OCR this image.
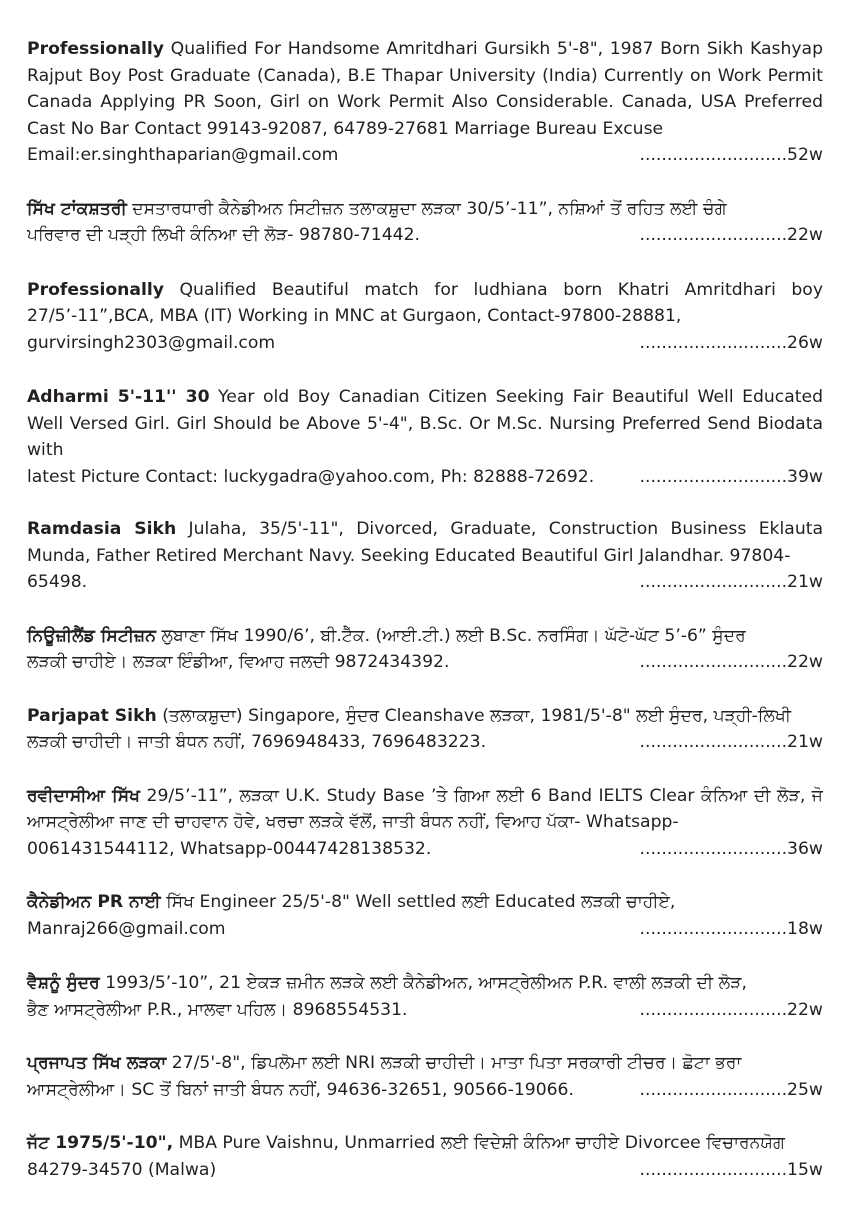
Professionally Qualified For Handsome Amritdhari Gursikh 5'-8", 1987 Born Sikh Kashyap Rajput Boy Post Graduate (Canada), B.E Thapar University (India) Currently on Work Permit Canada Applying PR Soon, Girl on Work Permit Also Considerable. Canada, USA Preferred Cast No Bar Contact 99143-92087, 64789-27681 Marriage Bureau Excuse
Email:er.singhthaparian@gmail.com	...........................52w
ਸਿੱਖ ਟਾਂਕਸ਼ਤਰੀ ਦਸਤਾਰਧਾਰੀ ਕੈਨੇਡੀਅਨ ਸਿਟੀਜ਼ਨ ਤਲਾਕਸ਼ੁਦਾ ਲੜਕਾ 30/5’-11”, ਨਸ਼ਿਆਂ ਤੋਂ ਰਹਿਤ ਲਈ ਚੰਗੇ
ਪਰਿਵਾਰ ਦੀ ਪੜ੍ਹੀ ਲਿਖੀ ਕੰਨਿਆ ਦੀ ਲੋੜ- 98780-71442.	...........................22w
Professionally Qualified Beautiful match for ludhiana born Khatri Amritdhari boy 27/5’-11”,BCA, MBA (IT) Working in MNC at Gurgaon, Contact-97800-28881,
gurvirsingh2303@gmail.com	...........................26w
Adharmi 5'-11'' 30 Year old Boy Canadian Citizen Seeking Fair Beautiful Well Educated Well Versed Girl. Girl Should be Above 5'-4", B.Sc. Or M.Sc. Nursing Preferred Send Biodata with
latest Picture Contact: luckygadra@yahoo.com, Ph: 82888-72692.	...........................39w
Ramdasia Sikh Julaha, 35/5'-11", Divorced, Graduate, Construction Business Eklauta Munda, Father Retired Merchant Navy. Seeking Educated Beautiful Girl Jalandhar. 97804-
65498.	...........................21w
ਨਿਊਜ਼ੀਲੈਂਡ ਸਿਟੀਜ਼ਨ ਲੁਬਾਣਾ ਸਿੱਖ 1990/6’, ਬੀ.ਟੈੱਕ. (ਆਈ.ਟੀ.) ਲਈ B.Sc. ਨਰਸਿੰਗ। ਘੱਟੋ-ਘੱਟ 5’-6” ਸੁੰਦਰ
ਲੜਕੀ ਚਾਹੀਏ। ਲੜਕਾ ਇੰਡੀਆ, ਵਿਆਹ ਜਲਦੀ 9872434392.	...........................22w
Parjapat Sikh (ਤਲਾਕਸ਼ੁਦਾ) Singapore, ਸੁੰਦਰ Cleanshave ਲੜਕਾ, 1981/5'-8" ਲਈ ਸੁੰਦਰ, ਪੜ੍ਹੀ-ਲਿਖੀ
ਲੜਕੀ ਚਾਹੀਦੀ। ਜਾਤੀ ਬੰਧਨ ਨਹੀਂ, 7696948433, 7696483223.	...........................21w
ਰਵੀਦਾਸੀਆ ਸਿੱਖ 29/5’-11”, ਲੜਕਾ U.K. Study Base ’ਤੇ ਗਿਆ ਲਈ 6 Band IELTS Clear ਕੰਨਿਆ ਦੀ ਲੋੜ, ਜੋ ਆਸਟ੍ਰੇਲੀਆ ਜਾਣ ਦੀ ਚਾਹਵਾਨ ਹੋਵੇ, ਖਰਚਾ ਲੜਕੇ ਵੱਲੋਂ, ਜਾਤੀ ਬੰਧਨ ਨਹੀਂ, ਵਿਆਹ ਪੱਕਾ- Whatsapp-
0061431544112, Whatsapp-00447428138532.	...........................36w
ਕੈਨੇਡੀਅਨ PR ਨਾਈ ਸਿੱਖ Engineer 25/5'-8" Well settled ਲਈ Educated ਲੜਕੀ ਚਾਹੀਏ,
Manraj266@gmail.com	...........................18w
ਵੈਸ਼ਨੂੰ ਸੁੰਦਰ 1993/5’-10”, 21 ਏਕੜ ਜ਼ਮੀਨ ਲੜਕੇ ਲਈ ਕੈਨੇਡੀਅਨ, ਆਸਟ੍ਰੇਲੀਅਨ P.R. ਵਾਲੀ ਲੜਕੀ ਦੀ ਲੋੜ,
ਭੈਣ ਆਸਟ੍ਰੇਲੀਆ P.R., ਮਾਲਵਾ ਪਹਿਲ। 8968554531.	...........................22w
ਪ੍ਰਜਾਪਤ ਸਿੱਖ ਲੜਕਾ 27/5'-8", ਡਿਪਲੋਮਾ ਲਈ NRI ਲੜਕੀ ਚਾਹੀਦੀ। ਮਾਤਾ ਪਿਤਾ ਸਰਕਾਰੀ ਟੀਚਰ। ਛੋਟਾ ਭਰਾ
ਆਸਟ੍ਰੇਲੀਆ। SC ਤੋਂ ਬਿਨਾਂ ਜਾਤੀ ਬੰਧਨ ਨਹੀਂ, 94636-32651, 90566-19066.	...........................25w
ਜੱਟ 1975/5'-10", MBA Pure Vaishnu, Unmarried ਲਈ ਵਿਦੇਸ਼ੀ ਕੰਨਿਆ ਚਾਹੀਏ Divorcee ਵਿਚਾਰਨਯੋਗ
84279-34570 (Malwa)	...........................15w
